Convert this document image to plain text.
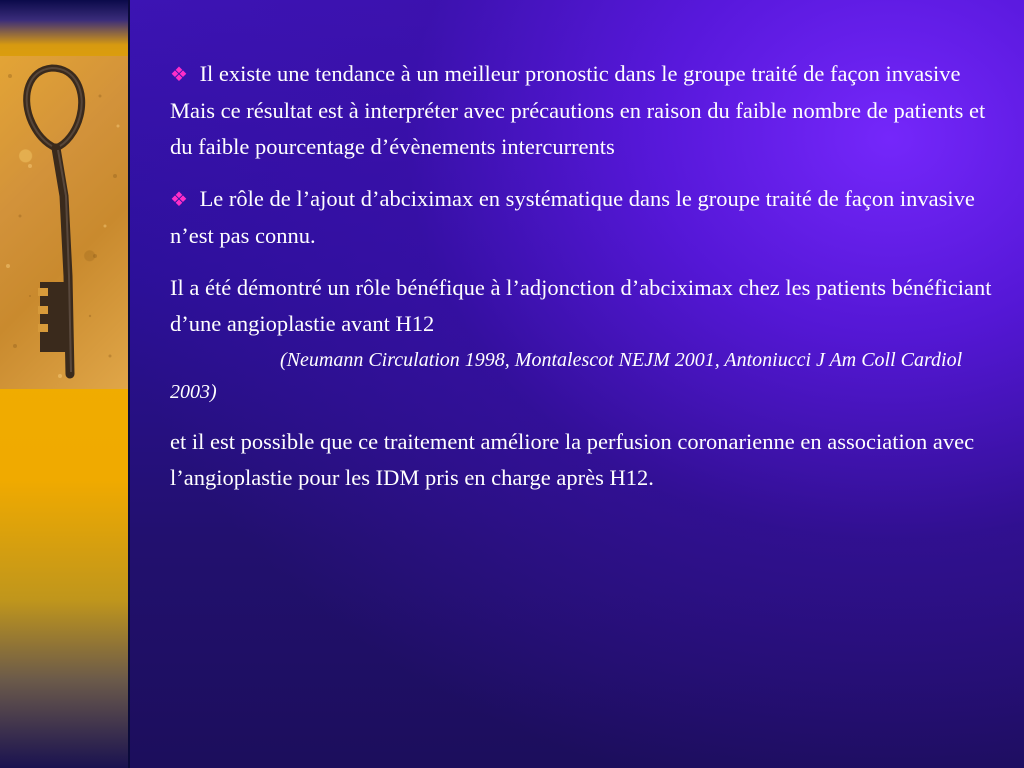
❖ Il existe une tendance à un meilleur pronostic dans le groupe traité de façon invasive
Mais ce résultat est à interpréter avec précautions en raison du faible nombre de patients et du faible pourcentage d’évènements intercurrents
❖ Le rôle de l’ajout d’abciximax en systématique dans le groupe traité de façon invasive n’est pas connu.
Il a été démontré un rôle bénéfique à l’adjonction d’abciximax chez les patients bénéficiant d’une angioplastie avant H12
(Neumann Circulation 1998, Montalescot NEJM 2001, Antoniucci J Am Coll Cardiol 2003)
et il est possible que ce traitement améliore la perfusion coronarienne en association avec l’angioplastie pour les IDM pris en charge après H12.
